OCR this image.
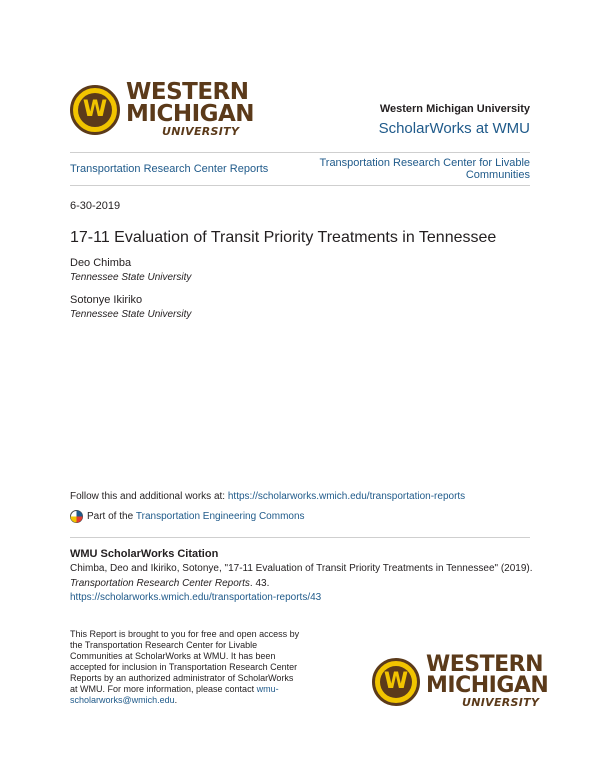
W
WESTERN
MICHIGAN
UNIVERSITY
Western Michigan University
ScholarWorks at WMU
Transportation Research Center Reports	Transportation Research Center for Livable
Communities
6-30-2019
17-11 Evaluation of Transit Priority Treatments in Tennessee
Deo Chimba
Tennessee State University
Sotonye Ikiriko
Tennessee State University
Follow this and additional works at: https://scholarworks.wmich.edu/transportation-reports
Part of the
Transportation Engineering Commons
WMU ScholarWorks Citation
Chimba, Deo and Ikiriko, Sotonye, "17-11 Evaluation of Transit Priority Treatments in Tennessee" (2019).
Transportation Research Center Reports. 43.
https://scholarworks.wmich.edu/transportation-reports/43
This Report is brought to you for free and open access by
the Transportation Research Center for Livable
Communities at ScholarWorks at WMU. It has been
accepted for inclusion in Transportation Research Center
Reports by an authorized administrator of ScholarWorks
at WMU. For more information, please contact wmu-
scholarworks@wmich.edu.
W
WESTERN
MICHIGAN
UNIVERSITY
